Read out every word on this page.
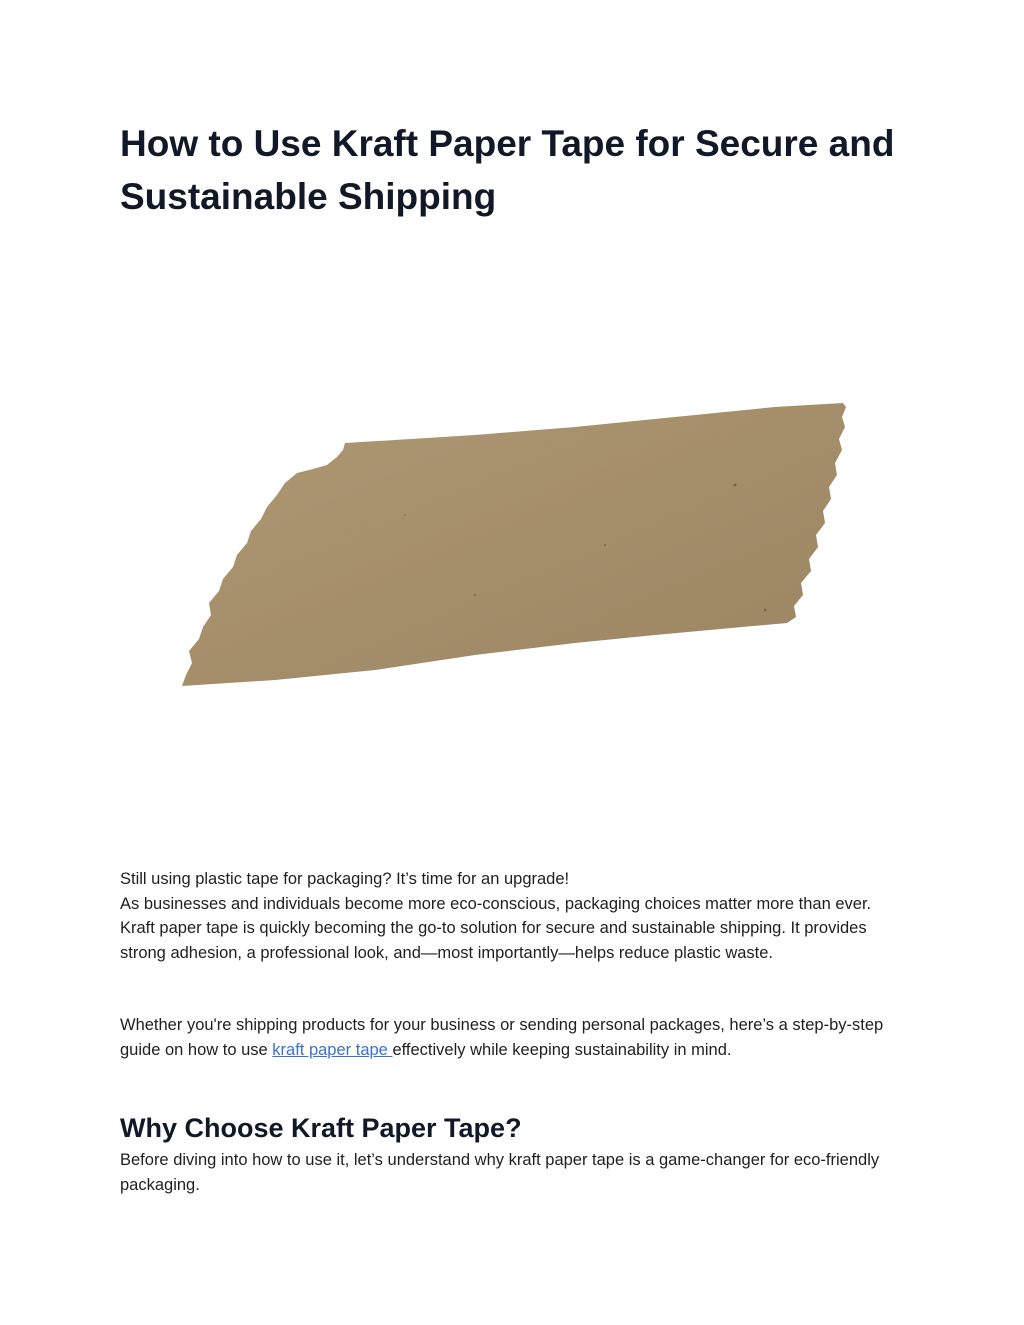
How to Use Kraft Paper Tape for Secure and Sustainable Shipping

Still using plastic tape for packaging? It’s time for an upgrade!
As businesses and individuals become more eco-conscious, packaging choices matter more than ever. Kraft paper tape is quickly becoming the go-to solution for secure and sustainable shipping. It provides strong adhesion, a professional look, and—most importantly—helps reduce plastic waste.

Whether you're shipping products for your business or sending personal packages, here’s a step-by-step guide on how to use kraft paper tape effectively while keeping sustainability in mind.

Why Choose Kraft Paper Tape?

Before diving into how to use it, let’s understand why kraft paper tape is a game-changer for eco-friendly packaging.
